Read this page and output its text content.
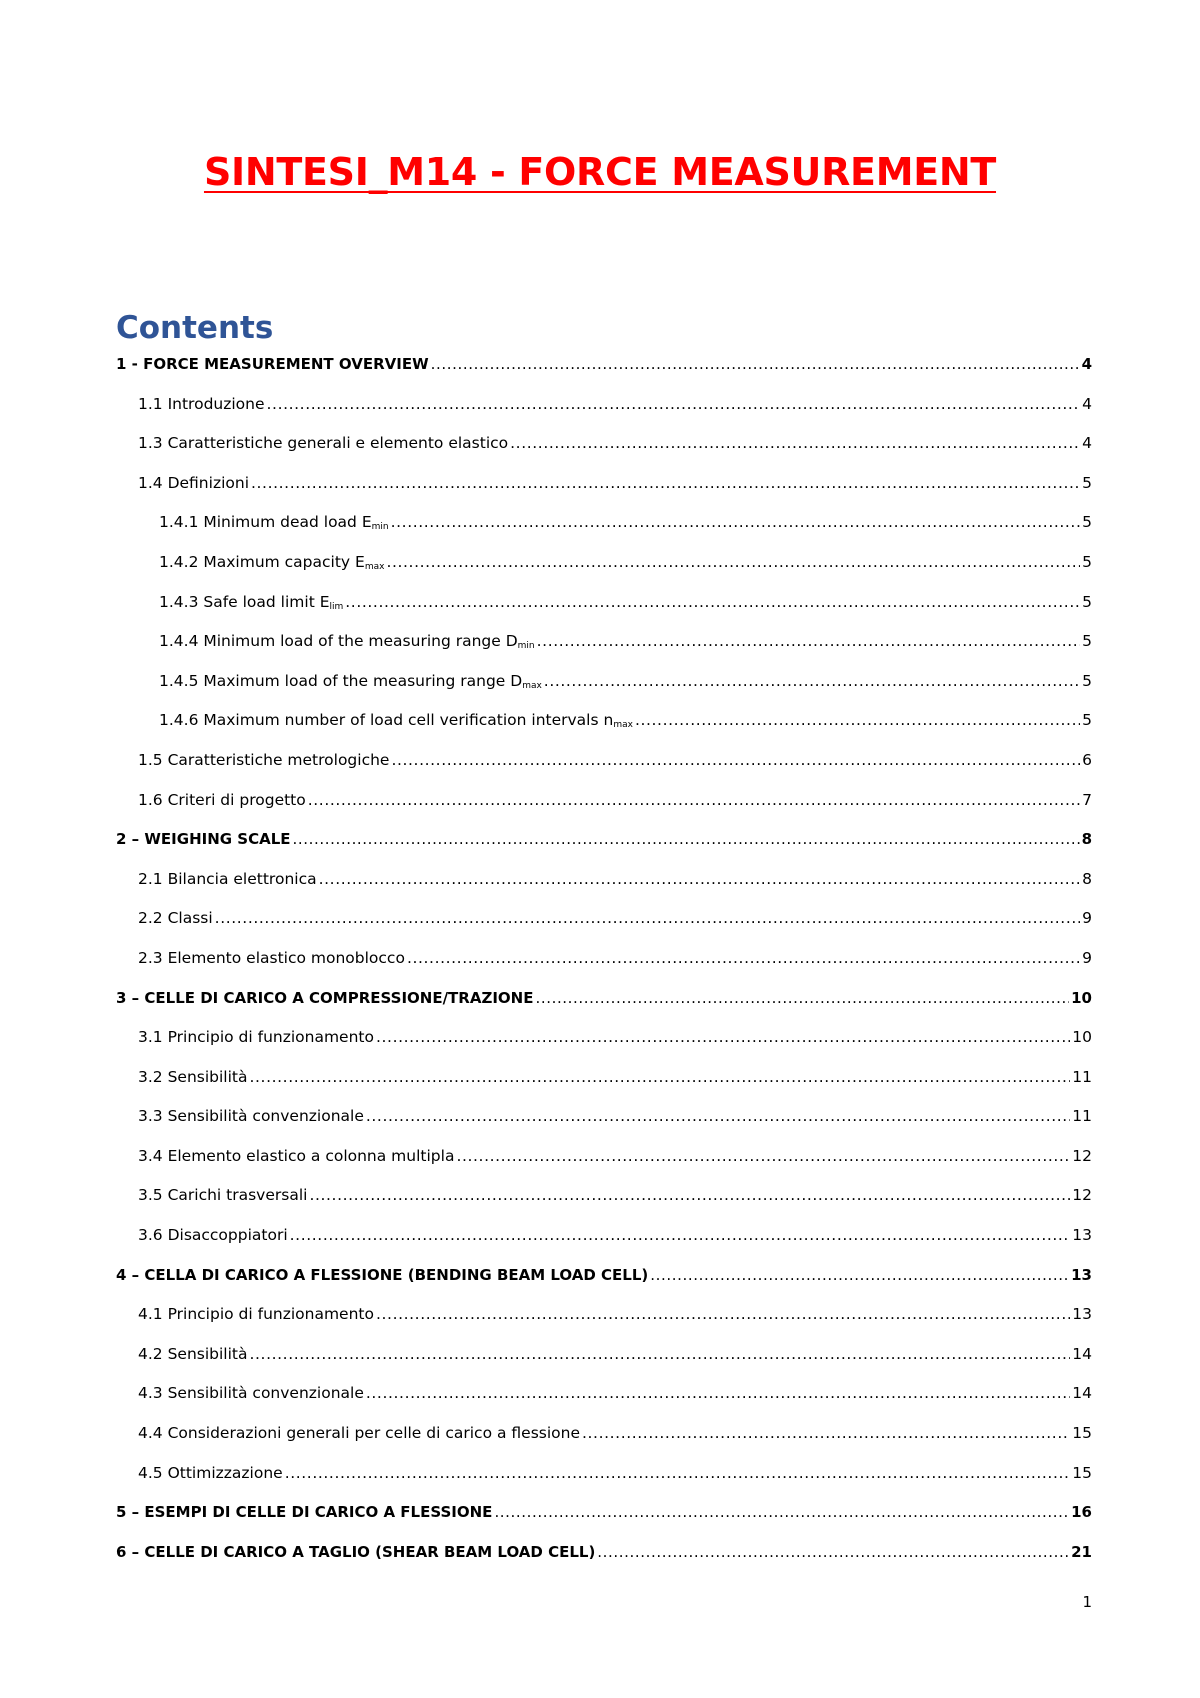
SINTESI_M14 - FORCE MEASUREMENT
Contents
1 - FORCE MEASUREMENT OVERVIEW .....	4
1.1 Introduzione .....	4
1.3 Caratteristiche generali e elemento elastico .....	4
1.4 Definizioni .....	5
1.4.1 Minimum dead load $E_{min}$ .....	5
1.4.2 Maximum capacity $E_{max}$ .....	5
1.4.3 Safe load limit $E_{lim}$ .....	5
1.4.4 Minimum load of the measuring range $D_{min}$ .....	5
1.4.5 Maximum load of the measuring range $D_{max}$ .....	5
1.4.6 Maximum number of load cell verification intervals $n_{max}$ .....	5
1.5 Caratteristiche metrologiche .....	6
1.6 Criteri di progetto .....	7
2 – WEIGHING SCALE .....	8
2.1 Bilancia elettronica .....	8
2.2 Classi .....	9
2.3 Elemento elastico monoblocco .....	9
3 – CELLE DI CARICO A COMPRESSIONE/TRAZIONE .....	10
3.1 Principio di funzionamento .....	10
3.2 Sensibilità .....	11
3.3 Sensibilità convenzionale .....	11
3.4 Elemento elastico a colonna multipla .....	12
3.5 Carichi trasversali .....	12
3.6 Disaccoppiatori .....	13
4 – CELLA DI CARICO A FLESSIONE (BENDING BEAM LOAD CELL) .....	13
4.1 Principio di funzionamento .....	13
4.2 Sensibilità .....	14
4.3 Sensibilità convenzionale .....	14
4.4 Considerazioni generali per celle di carico a flessione .....	15
4.5 Ottimizzazione .....	15
5 – ESEMPI DI CELLE DI CARICO A FLESSIONE .....	16
6 – CELLE DI CARICO A TAGLIO (SHEAR BEAM LOAD CELL) .....	21
1
